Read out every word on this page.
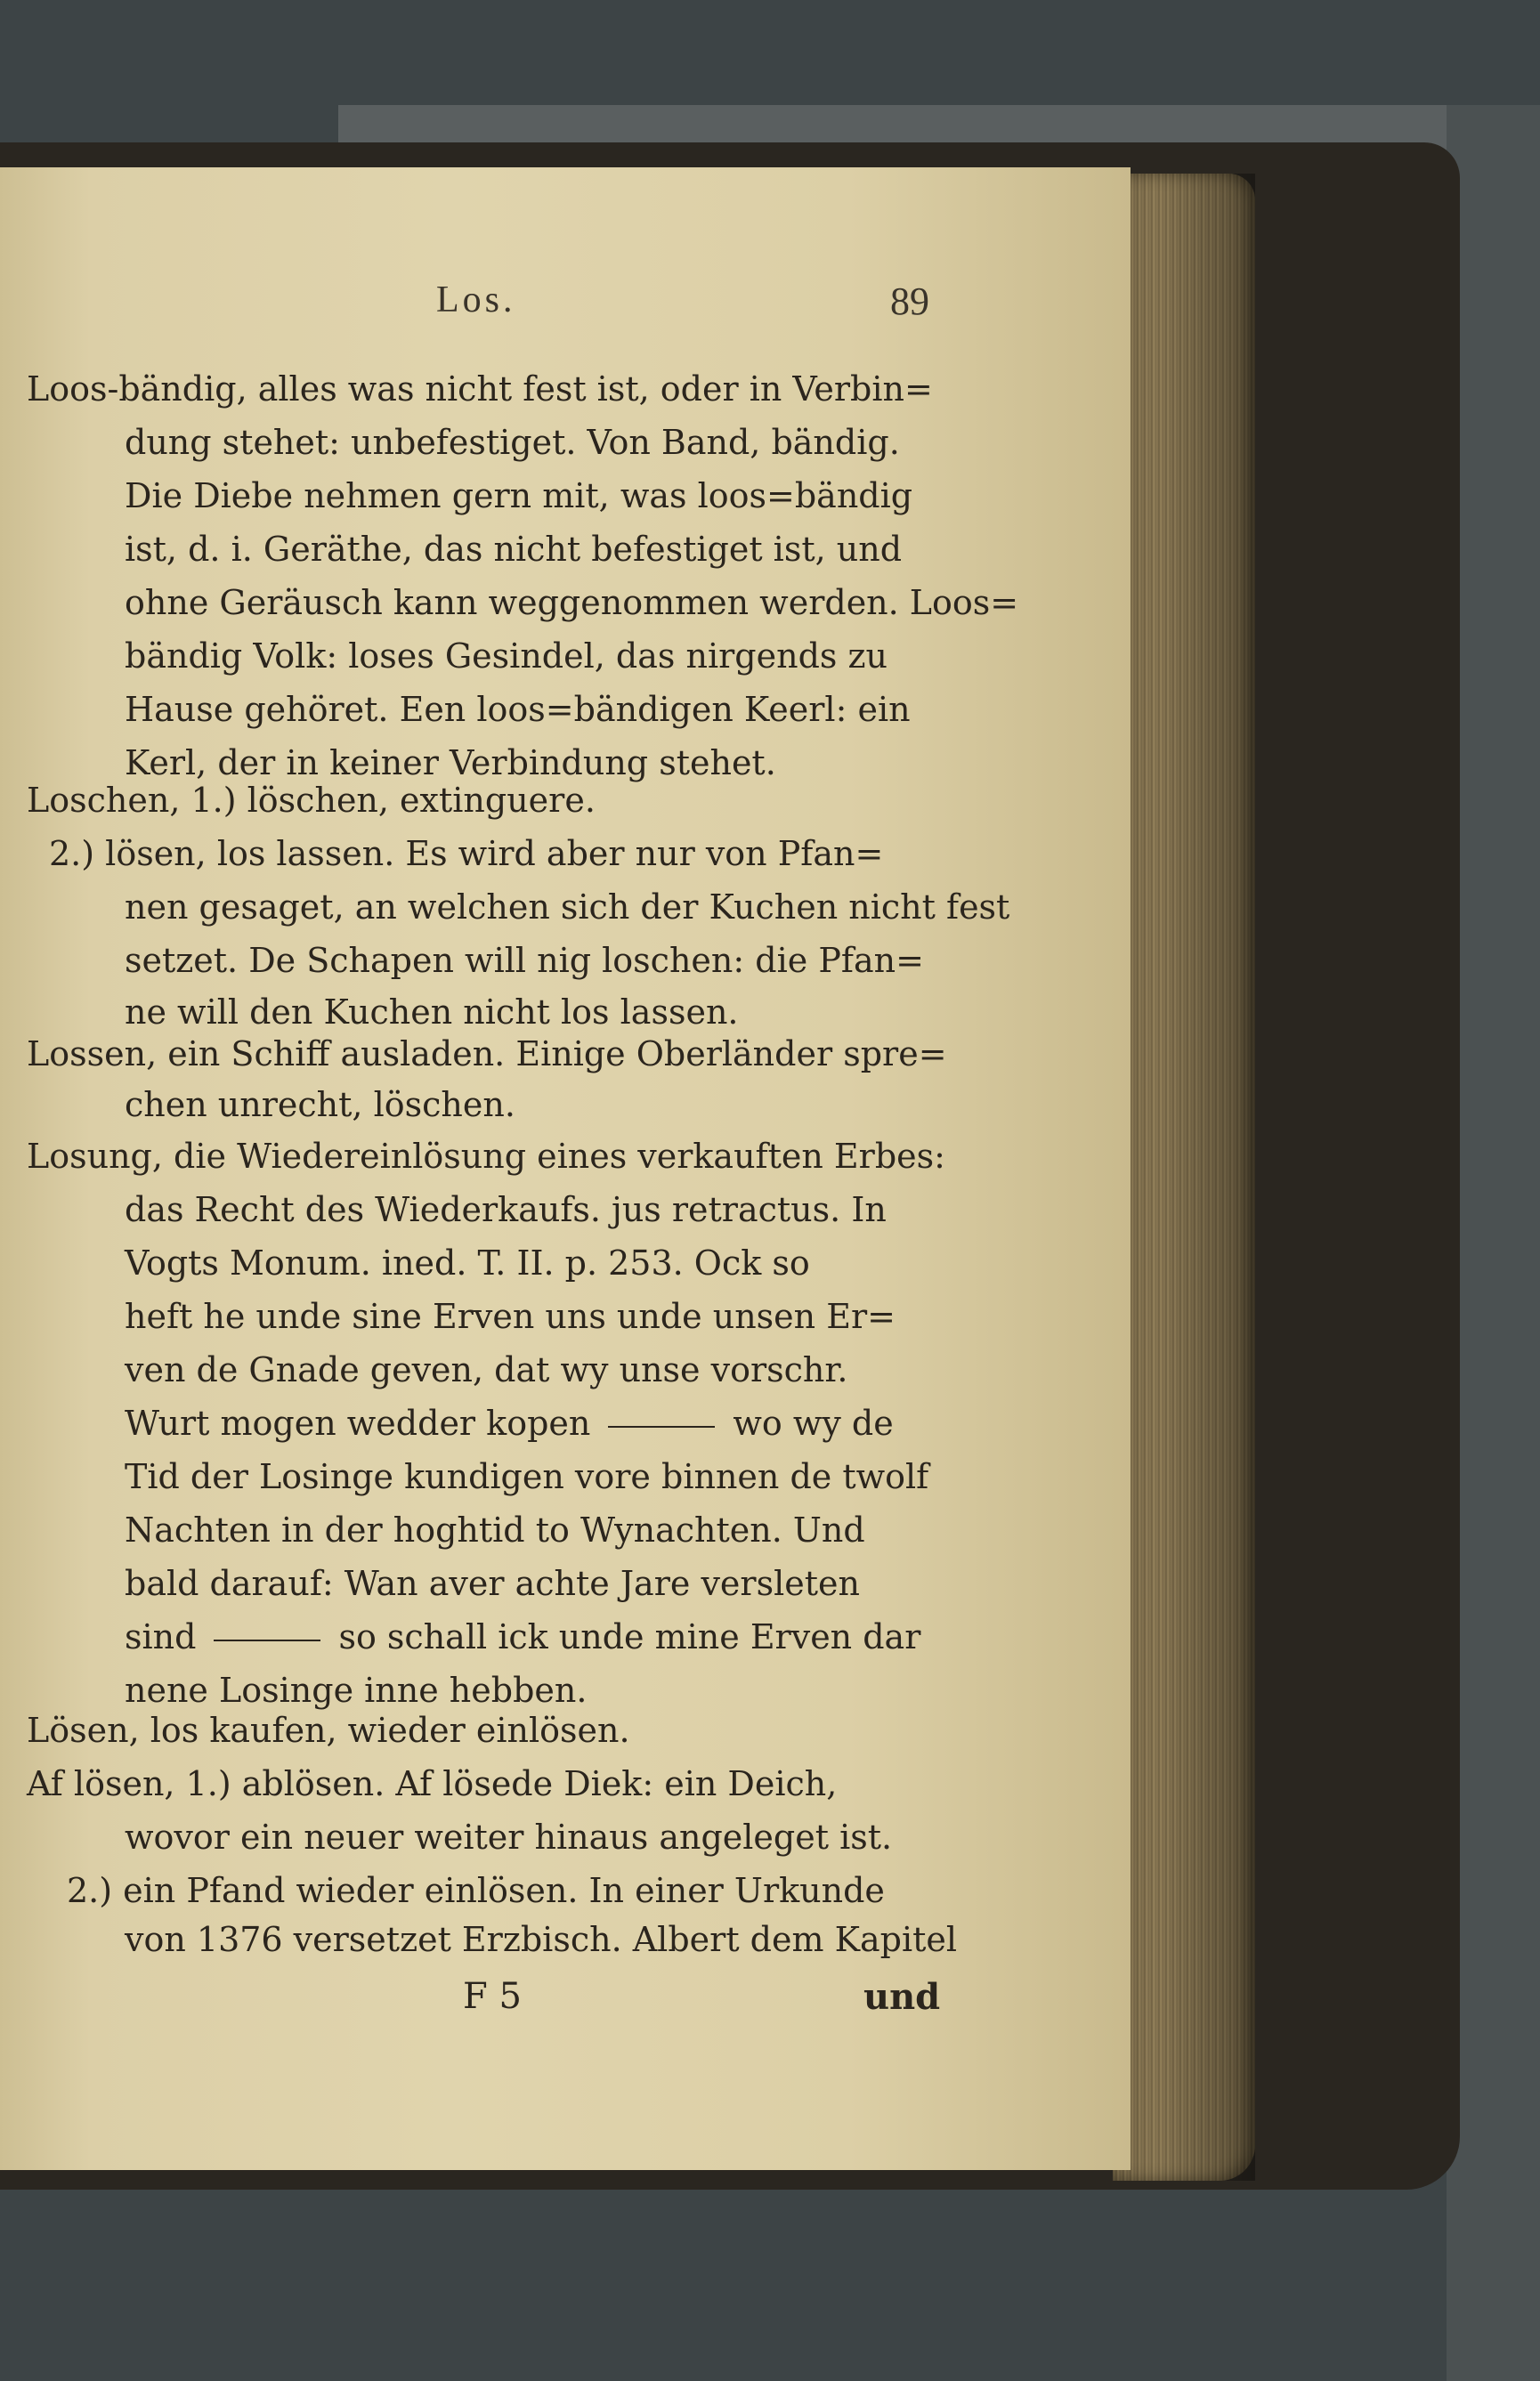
Los.	89
Loos-bändig, alles was nicht fest ist, oder in Verbin=
dung stehet: unbefestiget. Von Band, bändig.
Die Diebe nehmen gern mit, was loos=bändig
ist, d. i. Geräthe, das nicht befestiget ist, und
ohne Geräusch kann weggenommen werden. Loos=
bändig Volk: loses Gesindel, das nirgends zu
Hause gehöret. Een loos=bändigen Keerl: ein
Kerl, der in keiner Verbindung stehet.
Loschen, 1.) löschen, extinguere.
2.) lösen, los lassen. Es wird aber nur von Pfan=
nen gesaget, an welchen sich der Kuchen nicht fest
setzet. De Schapen will nig loschen: die Pfan=
ne will den Kuchen nicht los lassen.
Lossen, ein Schiff ausladen. Einige Oberländer spre=
chen unrecht, löschen.
Losung, die Wiedereinlösung eines verkauften Erbes:
das Recht des Wiederkaufs. jus retractus. In
Vogts Monum. ined. T. II. p. 253. Ock so
heft he unde sine Erven uns unde unsen Er=
ven de Gnade geven, dat wy unse vorschr.
Wurt mogen wedder kopen	wo wy de
Tid der Losinge kundigen vore binnen de twolf
Nachten in der hoghtid to Wynachten. Und
bald darauf: Wan aver achte Jare versleten
sind	so schall ick unde mine Erven dar
nene Losinge inne hebben.
Lösen, los kaufen, wieder einlösen.
Af lösen, 1.) ablösen. Af lösede Diek: ein Deich,
wovor ein neuer weiter hinaus angeleget ist.
2.) ein Pfand wieder einlösen. In einer Urkunde
von 1376 versetzet Erzbisch. Albert dem Kapitel
F 5	und
